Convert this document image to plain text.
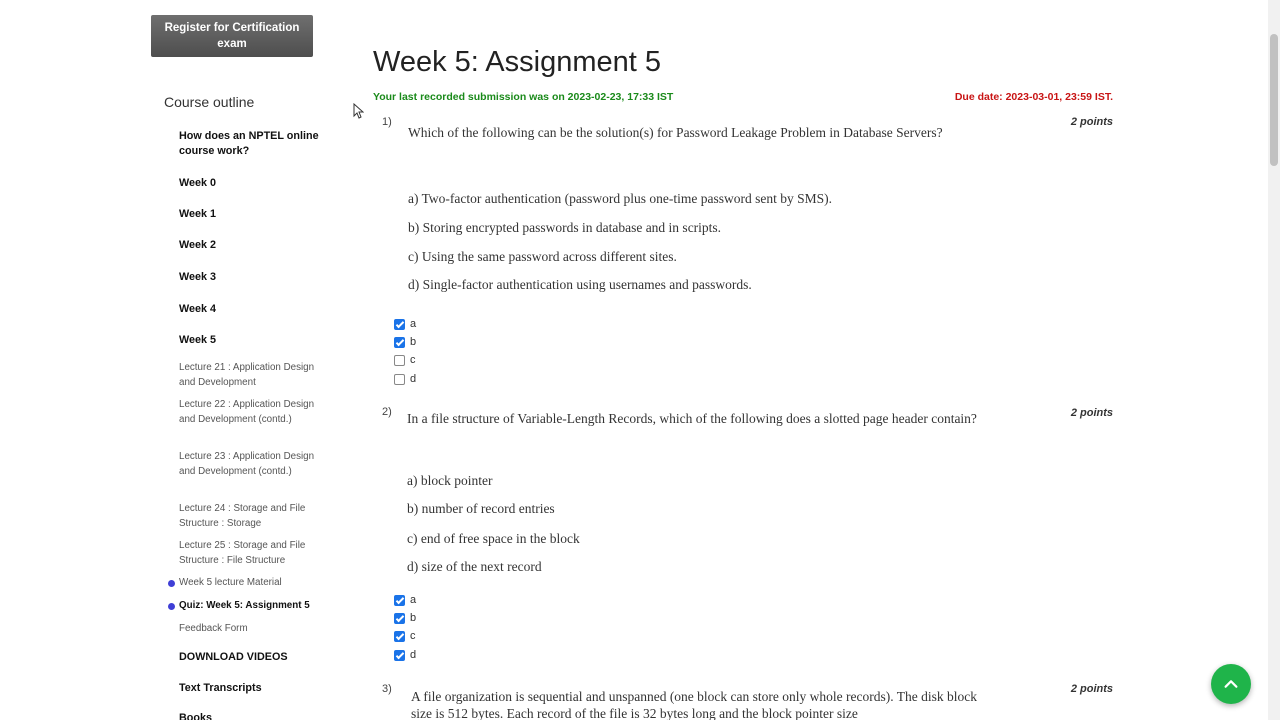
Register for Certification exam
Course outline
How does an NPTEL online course work?
Week 0
Week 1
Week 2
Week 3
Week 4
Week 5
Lecture 21 : Application Design and Development
Lecture 22 : Application Design and Development (contd.)
Lecture 23 : Application Design and Development (contd.)
Lecture 24 : Storage and File Structure : Storage
Lecture 25 : Storage and File Structure : File Structure
Week 5 lecture Material
Quiz: Week 5: Assignment 5
Feedback Form
DOWNLOAD VIDEOS
Text Transcripts
Books
Week 5: Assignment 5
Your last recorded submission was on 2023-02-23, 17:33 IST	Due date: 2023-03-01, 23:59 IST.
1)	2 points
Which of the following can be the solution(s) for Password Leakage Problem in Database Servers?
a) Two-factor authentication (password plus one-time password sent by SMS).
b) Storing encrypted passwords in database and in scripts.
c) Using the same password across different sites.
d) Single-factor authentication using usernames and passwords.
a
b
c
d
2)	2 points
In a file structure of Variable-Length Records, which of the following does a slotted page header contain?
a) block pointer
b) number of record entries
c) end of free space in the block
d) size of the next record
a
b
c
d
3)	2 points
A file organization is sequential and unspanned (one block can store only whole records). The disk block size is 512 bytes. Each record of the file is 32 bytes long and the block pointer size
